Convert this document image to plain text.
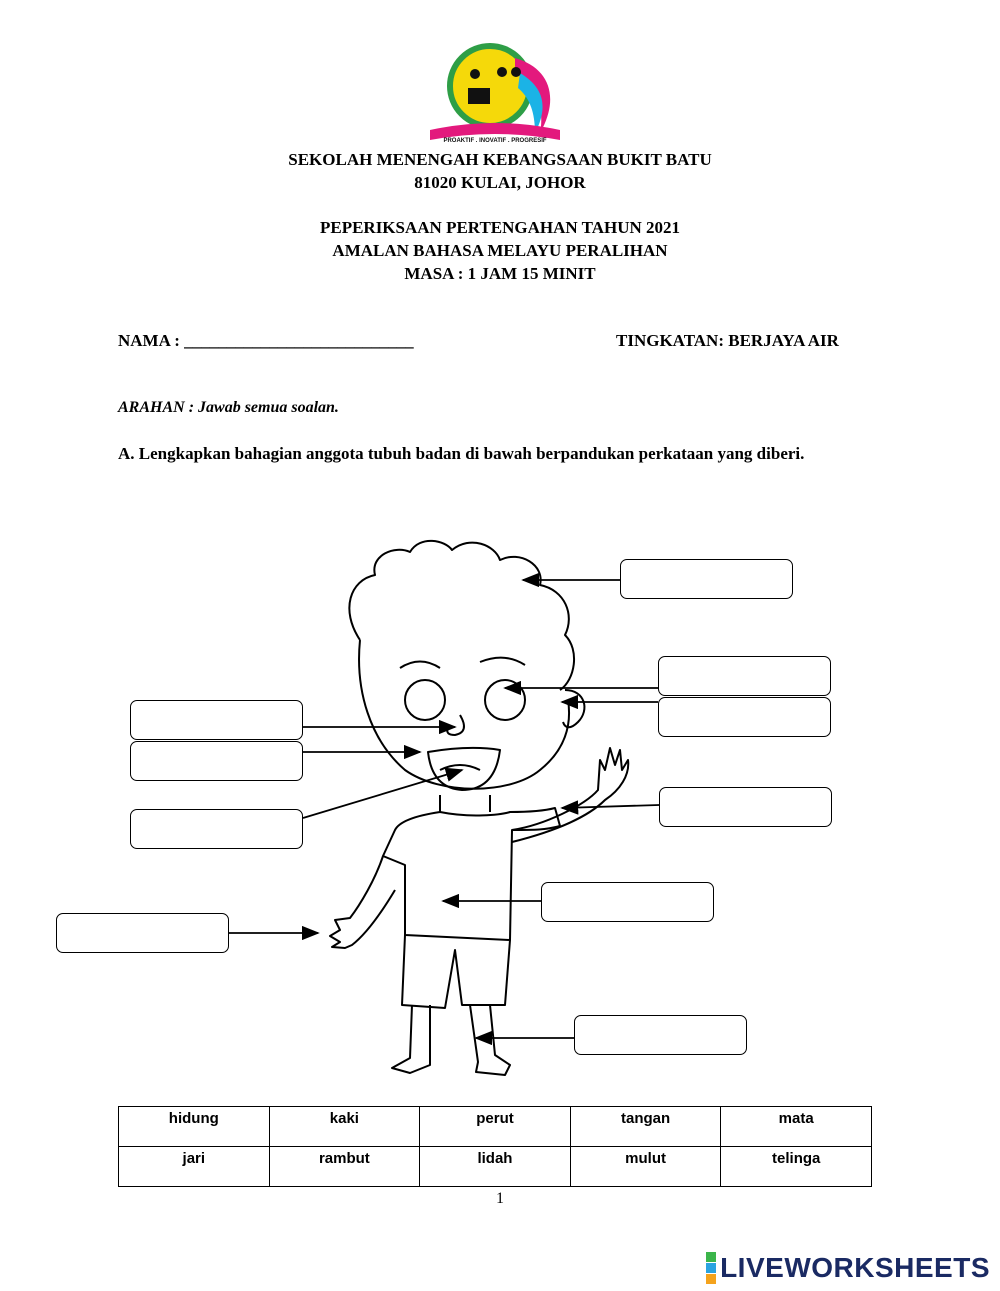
PROAKTIF . INOVATIF . PROGRESIF
SEKOLAH MENENGAH KEBANGSAAN BUKIT BATU
81020 KULAI, JOHOR
PEPERIKSAAN PERTENGAHAN TAHUN 2021
AMALAN BAHASA MELAYU PERALIHAN
MASA : 1 JAM 15 MINIT
NAMA : ___________________________	TINGKATAN: BERJAYA AIR
ARAHAN : Jawab semua soalan.
A. Lengkapkan bahagian anggota tubuh badan di bawah berpandukan perkataan yang diberi.
hidung	kaki	perut	tangan	mata
jari	rambut	lidah	mulut	telinga
1
LIVEWORKSHEETS
